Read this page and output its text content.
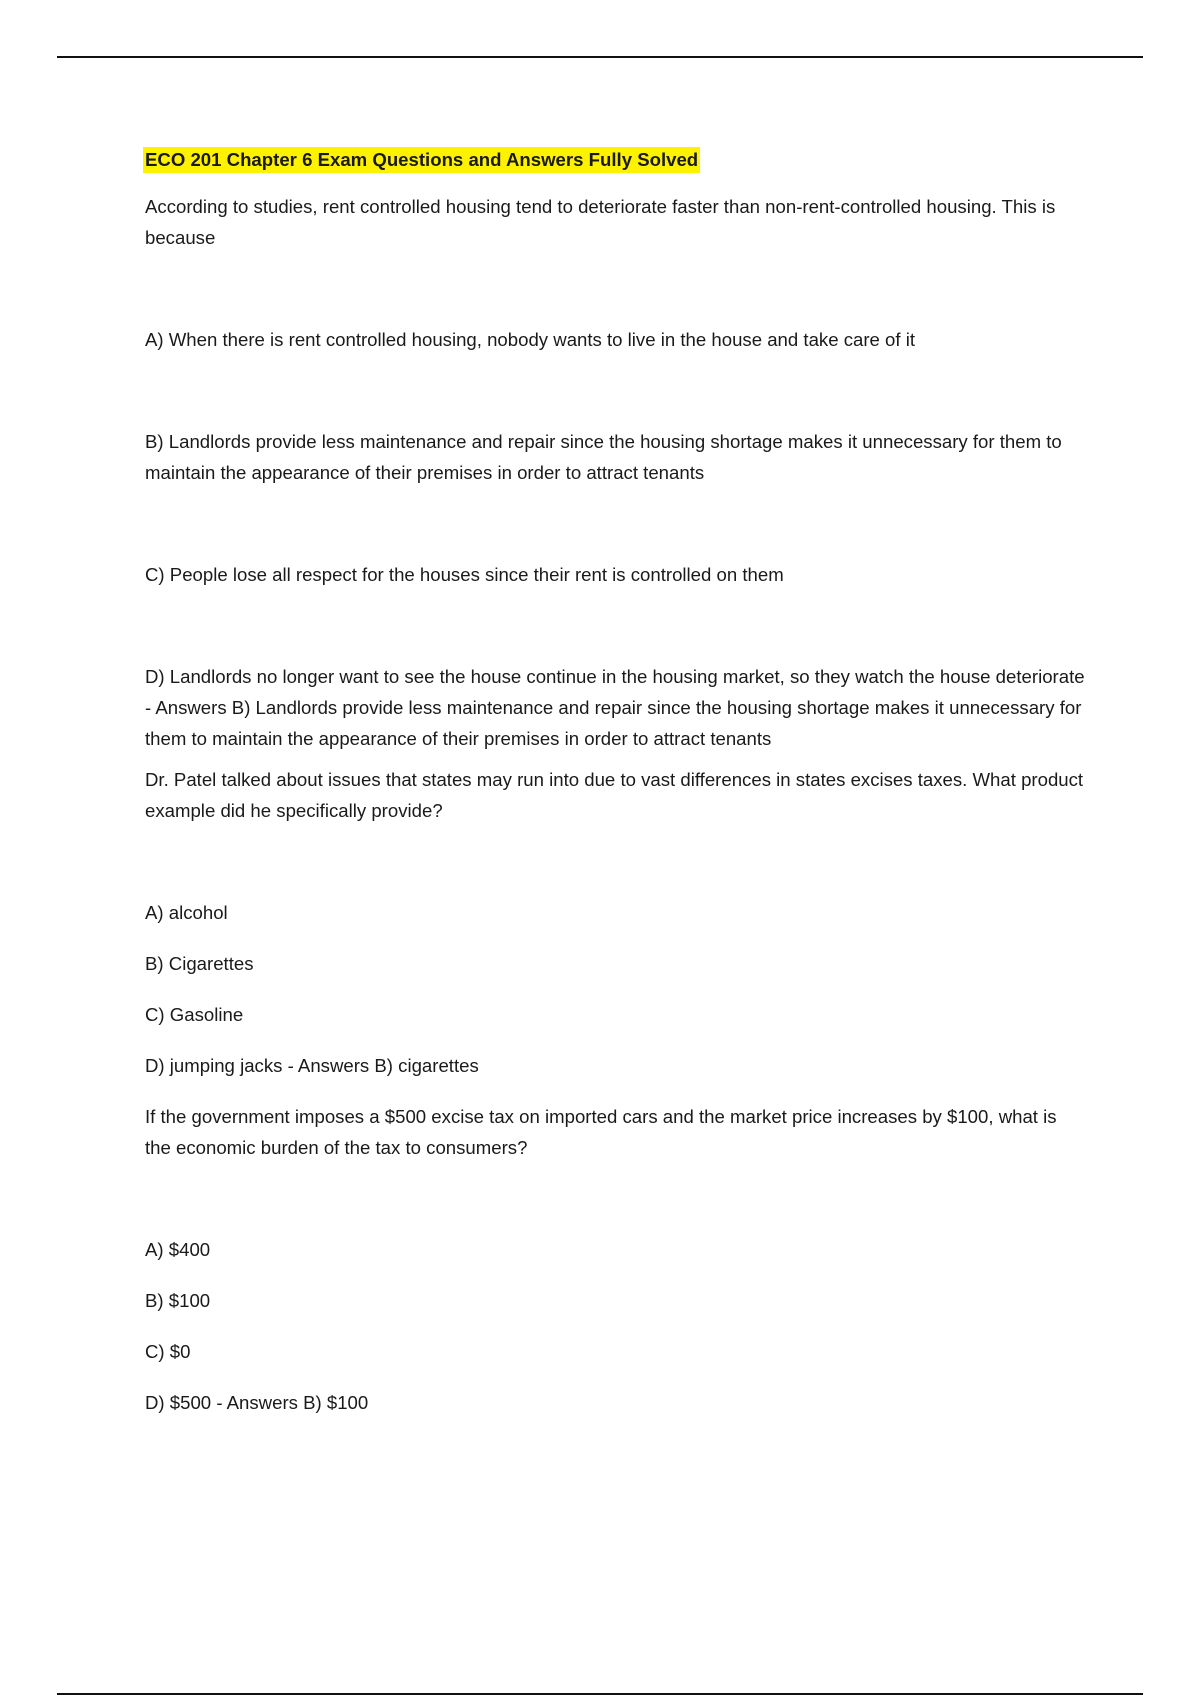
ECO 201 Chapter 6 Exam Questions and Answers Fully Solved

According to studies, rent controlled housing tend to deteriorate faster than non-rent-controlled housing. This is because

A) When there is rent controlled housing, nobody wants to live in the house and take care of it

B) Landlords provide less maintenance and repair since the housing shortage makes it unnecessary for them to maintain the appearance of their premises in order to attract tenants

C) People lose all respect for the houses since their rent is controlled on them

D) Landlords no longer want to see the house continue in the housing market, so they watch the house deteriorate - Answers B) Landlords provide less maintenance and repair since the housing shortage makes it unnecessary for them to maintain the appearance of their premises in order to attract tenants

Dr. Patel talked about issues that states may run into due to vast differences in states excises taxes. What product example did he specifically provide?

A) alcohol

B) Cigarettes

C) Gasoline

D) jumping jacks - Answers B) cigarettes

If the government imposes a $500 excise tax on imported cars and the market price increases by $100, what is the economic burden of the tax to consumers?

A) $400

B) $100

C) $0

D) $500 - Answers B) $100
